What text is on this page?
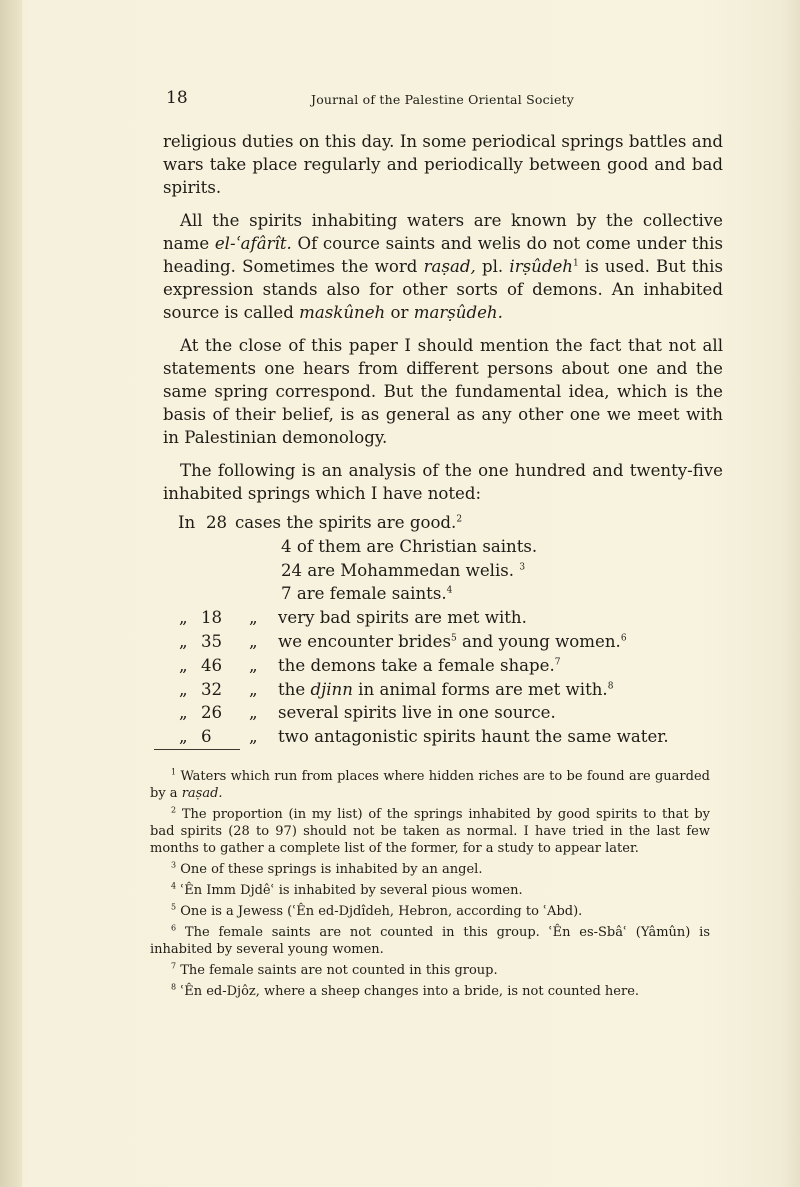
18	Journal of the Palestine Oriental Society

religious duties on this day. In some periodical springs battles and wars take place regularly and periodically between good and bad spirits.

All the spirits inhabiting waters are known by the collective name el-ʿafârît. Of cource saints and welis do not come under this heading. Sometimes the word raṣad, pl. irṣûdeh$^1$ is used. But this expression stands also for other sorts of demons. An inhabited source is called maskûneh or marṣûdeh.

At the close of this paper I should mention the fact that not all statements one hears from different persons about one and the same spring correspond. But the fundamental idea, which is the basis of their belief, is as general as any other one we meet with in Palestinian demonology.

The following is an analysis of the one hundred and twenty-five inhabited springs which I have noted:

In 28 cases the spirits are good.$^2$
4 of them are Christian saints.
24 are Mohammedan welis. $^3$
7 are female saints.$^4$
„ 18 „ very bad spirits are met with.
„ 35 „ we encounter brides$^5$ and young women.$^6$
„ 46 „ the demons take a female shape.$^7$
„ 32 „ the djinn in animal forms are met with.$^8$
„ 26 „ several spirits live in one source.
„ 6 „ two antagonistic spirits haunt the same water.

$^1$ Waters which run from places where hidden riches are to be found are guarded by a raṣad.

$^2$ The proportion (in my list) of the springs inhabited by good spirits to that by bad spirits (28 to 97) should not be taken as normal. I have tried in the last few months to gather a complete list of the former, for a study to appear later.

$^3$ One of these springs is inhabited by an angel.

$^4$ ʿÊn Imm Djdêʿ is inhabited by several pious women.

$^5$ One is a Jewess (ʿÊn ed-Djdîdeh, Hebron, according to ʿAbd).

$^6$ The female saints are not counted in this group. ʿÊn es-Sbâʿ (Yâmûn) is inhabited by several young women.

$^7$ The female saints are not counted in this group.

$^8$ ʿÊn ed-Djôz, where a sheep changes into a bride, is not counted here.
